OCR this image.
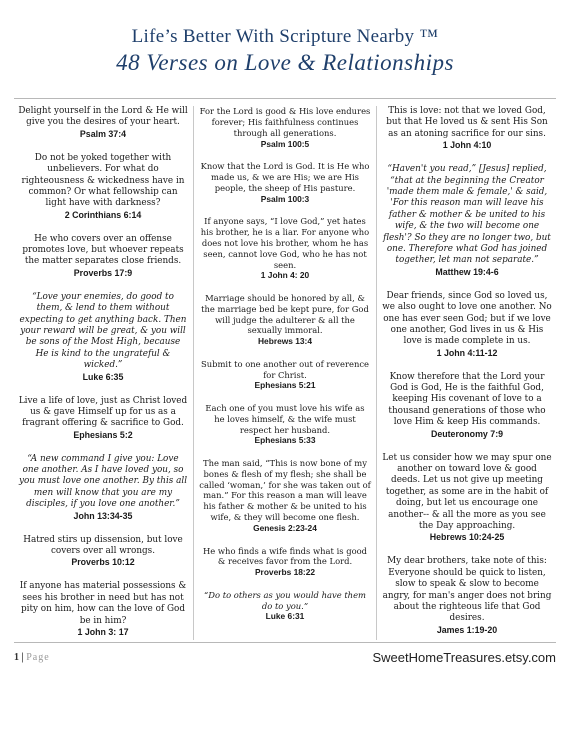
Life’s Better With Scripture Nearby ™
48 Verses on Love & Relationships
Delight yourself in the Lord & He will give you the desires of your heart.
Psalm 37:4
Do not be yoked together with unbelievers. For what do righteousness & wickedness have in common? Or what fellowship can light have with darkness?
2 Corinthians 6:14
He who covers over an offense promotes love, but whoever repeats the matter separates close friends.
Proverbs 17:9
“Love your enemies, do good to them, & lend to them without expecting to get anything back. Then your reward will be great, & you will be sons of the Most High, because He is kind to the ungrateful & wicked.”
Luke 6:35
Live a life of love, just as Christ loved us & gave Himself up for us as a fragrant offering & sacrifice to God.
Ephesians 5:2
“A new command I give you: Love one another. As I have loved you, so you must love one another. By this all men will know that you are my disciples, if you love one another.”
John 13:34-35
Hatred stirs up dissension, but love covers over all wrongs.
Proverbs 10:12
If anyone has material possessions & sees his brother in need but has not pity on him, how can the love of God be in him?
1 John 3: 17
For the Lord is good & His love endures forever; His faithfulness continues through all generations.
Psalm 100:5
Know that the Lord is God. It is He who made us, & we are His; we are His people, the sheep of His pasture.
Psalm 100:3
If anyone says, “I love God,” yet hates his brother, he is a liar. For anyone who does not love his brother, whom he has seen, cannot love God, who he has not seen.
1 John 4: 20
Marriage should be honored by all, & the marriage bed be kept pure, for God will judge the adulterer & all the sexually immoral.
Hebrews 13:4
Submit to one another out of reverence for Christ.
Ephesians 5:21
Each one of you must love his wife as he loves himself, & the wife must respect her husband.
Ephesians 5:33
The man said, “This is now bone of my bones & flesh of my flesh; she shall be called ‘woman,’ for she was taken out of man.” For this reason a man will leave his father & mother & be united to his wife, & they will become one flesh.
Genesis 2:23-24
He who finds a wife finds what is good & receives favor from the Lord.
Proverbs 18:22
“Do to others as you would have them do to you.”
Luke 6:31
This is love: not that we loved God, but that He loved us & sent His Son as an atoning sacrifice for our sins.
1 John 4:10
“Haven't you read,” [Jesus] replied, “that at the beginning the Creator 'made them male & female,' & said, 'For this reason man will leave his father & mother & be united to his wife, & the two will become one flesh'? So they are no longer two, but one. Therefore what God has joined together, let man not separate.”
Matthew 19:4-6
Dear friends, since God so loved us, we also ought to love one another. No one has ever seen God; but if we love one another, God lives in us & His love is made complete in us.
1 John 4:11-12
Know therefore that the Lord your God is God, He is the faithful God, keeping His covenant of love to a thousand generations of those who love Him & keep His commands.
Deuteronomy 7:9
Let us consider how we may spur one another on toward love & good deeds. Let us not give up meeting together, as some are in the habit of doing, but let us encourage one another-- & all the more as you see the Day approaching.
Hebrews 10:24-25
My dear brothers, take note of this: Everyone should be quick to listen, slow to speak & slow to become angry, for man's anger does not bring about the righteous life that God desires.
James 1:19-20
1 | Page	SweetHomeTreasures.etsy.com
